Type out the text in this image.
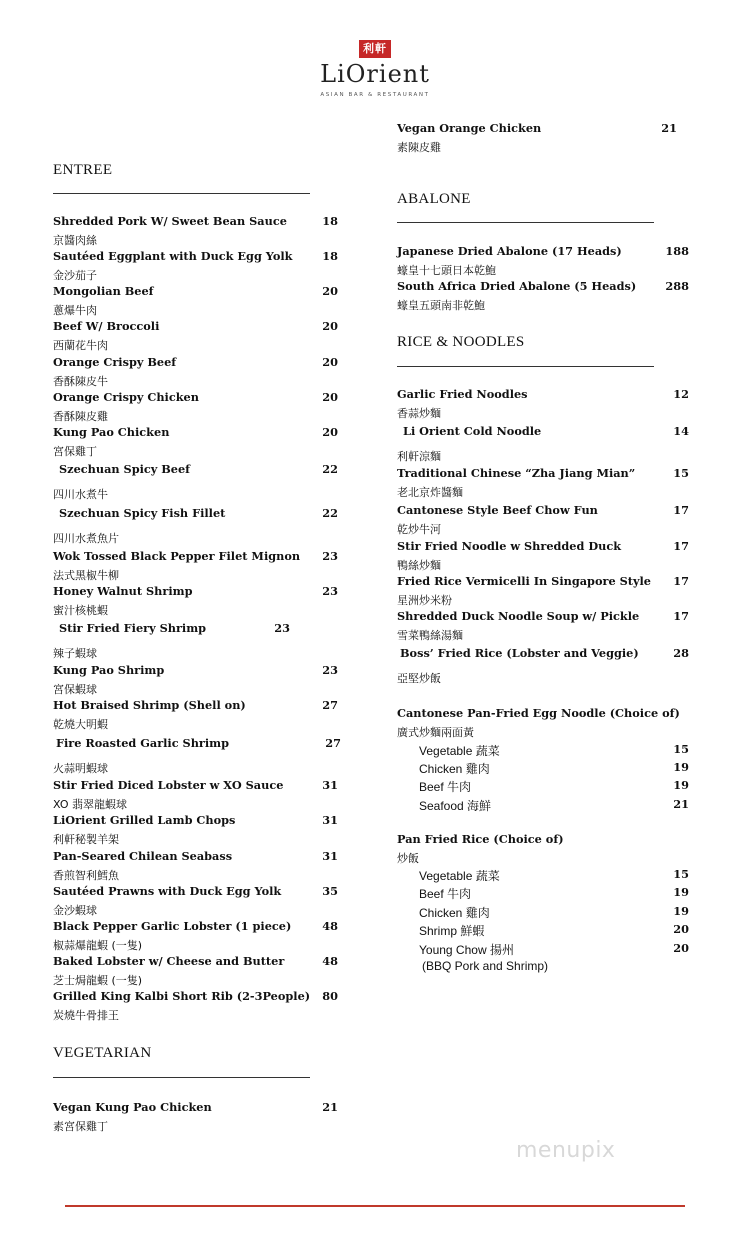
利軒
LiOrient
ASIAN BAR & RESTAURANT
ENTREE
Shredded Pork W/ Sweet Bean Sauce	18
京醬肉絲
Sautéed Eggplant with Duck Egg Yolk	18
金沙茄子
Mongolian Beef	20
蔥爆牛肉
Beef W/ Broccoli	20
西蘭花牛肉
Orange Crispy Beef	20
香酥陳皮牛
Orange Crispy Chicken	20
香酥陳皮雞
Kung Pao Chicken	20
宮保雞丁
Szechuan Spicy Beef	22
四川水煮牛
Szechuan Spicy Fish Fillet	22
四川水煮魚片
Wok Tossed Black Pepper Filet Mignon	23
法式黑椒牛柳
Honey Walnut Shrimp	23
蜜汁核桃蝦
Stir Fried Fiery Shrimp	23
辣子蝦球
Kung Pao Shrimp	23
宮保蝦球
Hot Braised Shrimp (Shell on)	27
乾燒大明蝦
Fire Roasted Garlic Shrimp	27
火蒜明蝦球
Stir Fried Diced Lobster w XO Sauce	31
XO 翡翠龍蝦球
LiOrient Grilled Lamb Chops	31
利軒秘製羊架
Pan-Seared Chilean Seabass	31
香煎智利鱈魚
Sautéed Prawns with Duck Egg Yolk	35
金沙蝦球
Black Pepper Garlic Lobster (1 piece)	48
椒蒜爆龍蝦 (一隻)
Baked Lobster w/ Cheese and Butter	48
芝士焗龍蝦 (一隻)
Grilled King Kalbi Short Rib (2-3People)	80
炭燒牛骨排王
VEGETARIAN
Vegan Kung Pao Chicken	21
素宮保雞丁
Vegan Orange Chicken	21
素陳皮雞
ABALONE
Japanese Dried Abalone (17 Heads)	188
蠔皇十七頭日本乾鮑
South Africa Dried Abalone (5 Heads)	288
蠔皇五頭南非乾鮑
RICE & NOODLES
Garlic Fried Noodles	12
香蒜炒麵
Li Orient Cold Noodle	14
利軒涼麵
Traditional Chinese “Zha Jiang Mian”	15
老北京炸醬麵
Cantonese Style Beef Chow Fun	17
乾炒牛河
Stir Fried Noodle w Shredded Duck	17
鴨絲炒麵
Fried Rice Vermicelli In Singapore Style	17
星洲炒米粉
Shredded Duck Noodle Soup w/ Pickle	17
雪菜鴨絲湯麵
Boss’ Fried Rice (Lobster and Veggie)	28
亞堅炒飯
Cantonese Pan-Fried Egg Noodle (Choice of)
廣式炒麵兩面黃
Vegetable 蔬菜	15
Chicken 雞肉	19
Beef 牛肉	19
Seafood 海鮮	21
Pan Fried Rice (Choice of)
炒飯
Vegetable 蔬菜	15
Beef 牛肉	19
Chicken 雞肉	19
Shrimp 鮮蝦	20
Young Chow 揚州	20
(BBQ Pork and Shrimp)
menupix
